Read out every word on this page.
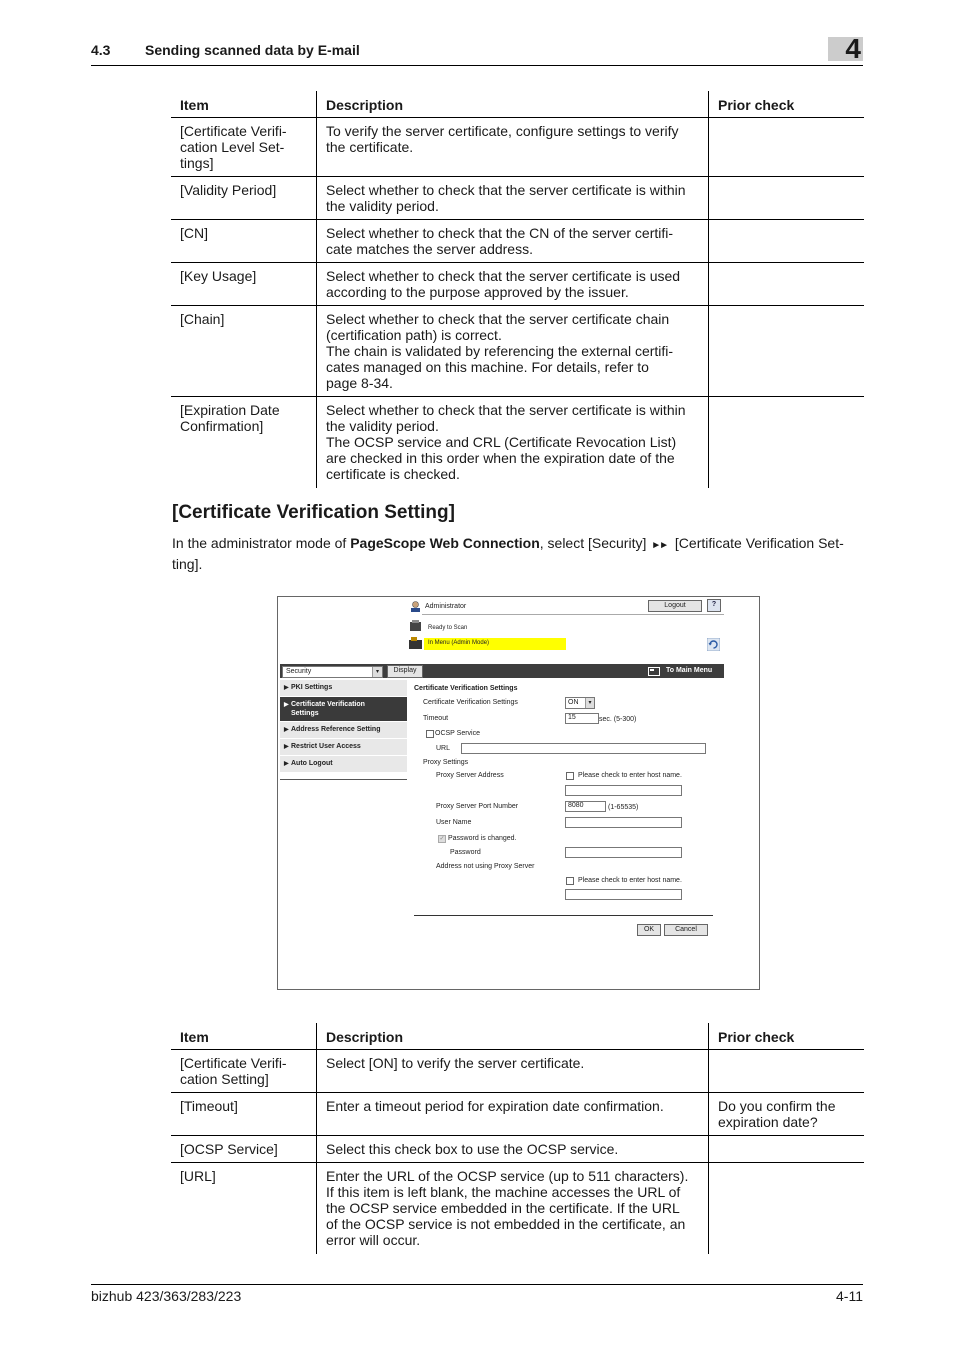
4.3 Sending scanned data by E-mail	4
Item	Description	Prior check
[Certificate Verifi-
cation Level Set-
tings]	To verify the server certificate, configure settings to verify
the certificate.	
[Validity Period]	Select whether to check that the server certificate is within
the validity period.	
[CN]	Select whether to check that the CN of the server certifi-
cate matches the server address.	
[Key Usage]	Select whether to check that the server certificate is used
according to the purpose approved by the issuer.	
[Chain]	Select whether to check that the server certificate chain
(certification path) is correct.
The chain is validated by referencing the external certifi-
cates managed on this machine. For details, refer to
page 8-34.	
[Expiration Date
Confirmation]	Select whether to check that the server certificate is within
the validity period.
The OCSP service and CRL (Certificate Revocation List)
are checked in this order when the expiration date of the
certificate is checked.	
[Certificate Verification Setting]
In the administrator mode of PageScope Web Connection, select [Security] ►► [Certificate Verification Set-
ting].
Administrator	Logout	?
Ready to Scan
In Menu (Admin Mode)
Security	▾	Display	To Main Menu
▶ PKI Settings
▶ Certificate Verification
Settings
▶ Address Reference Setting
▶ Restrict User Access
▶ Auto Logout
Certificate Verification Settings
Certificate Verification Settings	ON	▾
Timeout	15	sec. (5-300)
OCSP Service
URL
Proxy Settings
Proxy Server Address	Please check to enter host name.
Proxy Server Port Number	8080	(1-65535)
User Name
✓ Password is changed.
Password
Address not using Proxy Server
Please check to enter host name.
OK	Cancel
Item	Description	Prior check
[Certificate Verifi-
cation Setting]	Select [ON] to verify the server certificate.	
[Timeout]	Enter a timeout period for expiration date confirmation.	Do you confirm the
expiration date?
[OCSP Service]	Select this check box to use the OCSP service.	
[URL]	Enter the URL of the OCSP service (up to 511 characters).
If this item is left blank, the machine accesses the URL of
the OCSP service embedded in the certificate. If the URL
of the OCSP service is not embedded in the certificate, an
error will occur.	
bizhub 423/363/283/223	4-11
